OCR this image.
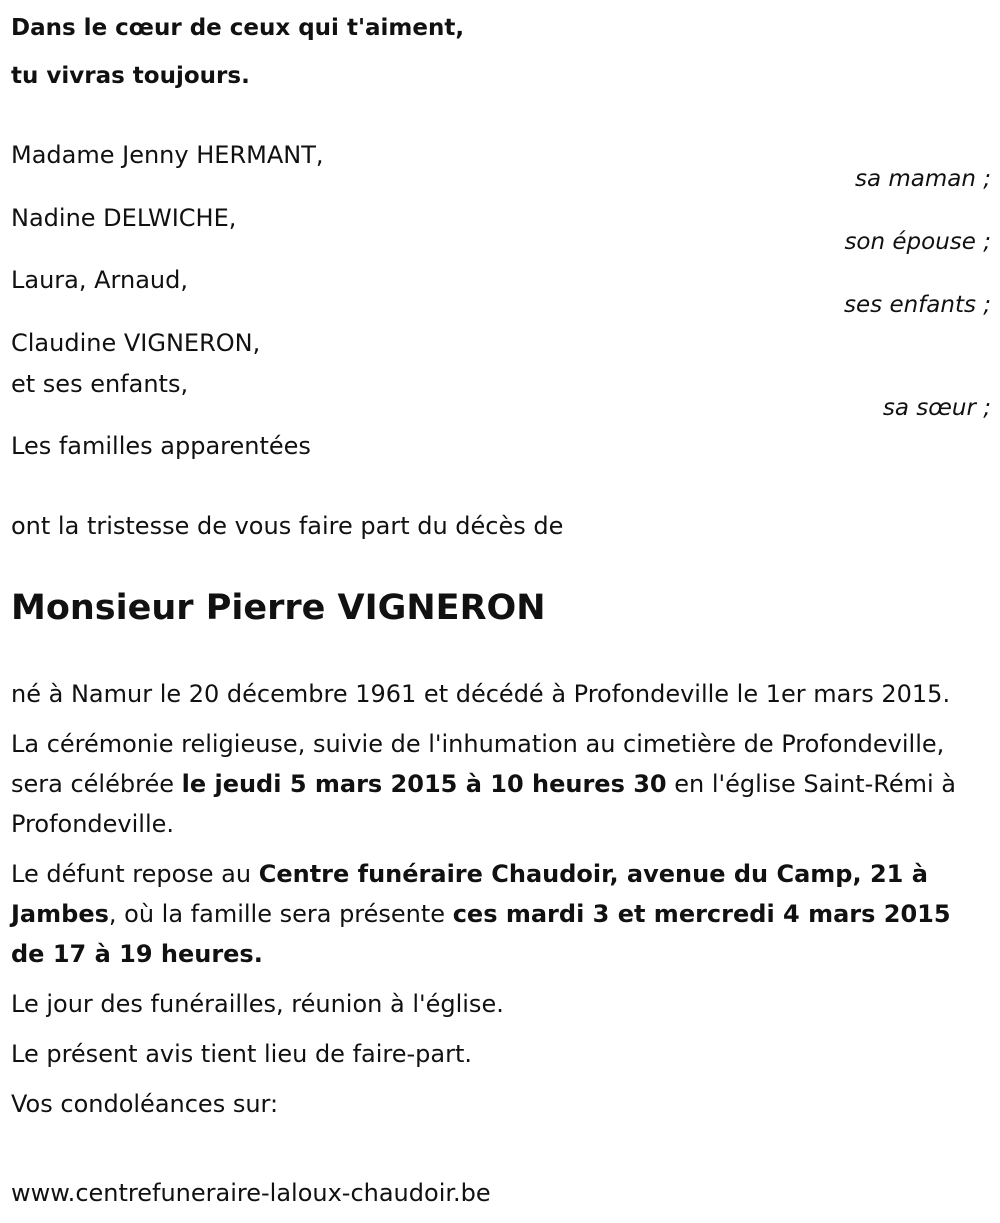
Dans le cœur de ceux qui t'aiment,
tu vivras toujours.
Madame Jenny HERMANT,
sa maman ;
Nadine DELWICHE,
son épouse ;
Laura, Arnaud,
ses enfants ;
Claudine VIGNERON,
et ses enfants,
sa sœur ;
Les familles apparentées
ont la tristesse de vous faire part du décès de
Monsieur Pierre VIGNERON

né à Namur le 20 décembre 1961 et décédé à Profondeville le 1er mars 2015.

La cérémonie religieuse, suivie de l'inhumation au cimetière de Profondeville, sera célébrée le jeudi 5 mars 2015 à 10 heures 30 en l'église Saint-Rémi à Profondeville.

Le défunt repose au Centre funéraire Chaudoir, avenue du Camp, 21 à Jambes, où la famille sera présente ces mardi 3 et mercredi 4 mars 2015 de 17 à 19 heures.

Le jour des funérailles, réunion à l'église.

Le présent avis tient lieu de faire-part.

Vos condoléances sur:

www.centrefuneraire-laloux-chaudoir.be
